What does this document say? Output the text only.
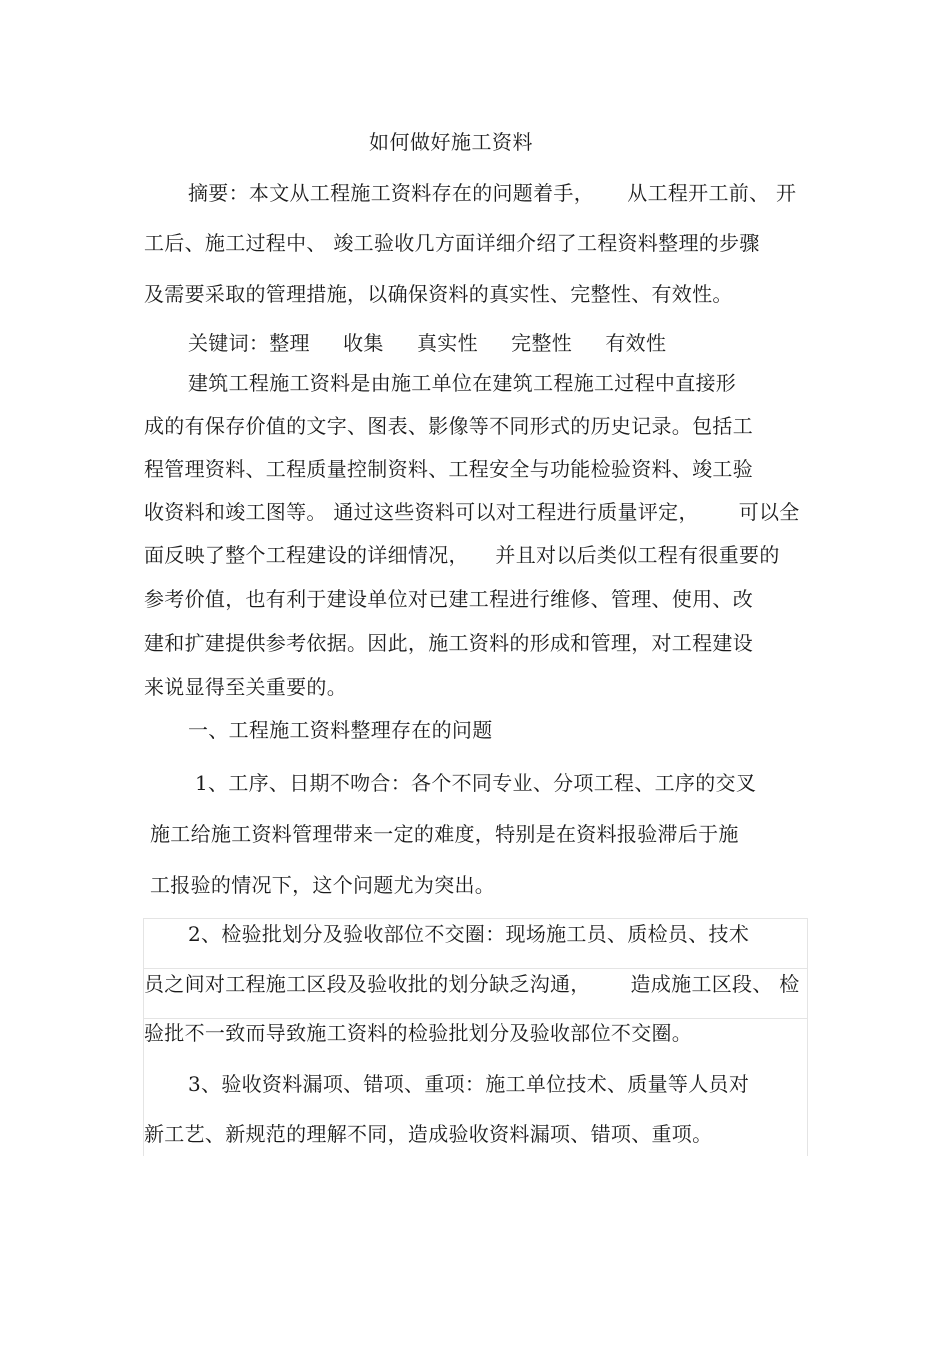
如何做好施工资料
摘要：本文从工程施工资料存在的问题着手，     从工程开工前、 开
工后、施工过程中、 竣工验收几方面详细介绍了工程资料整理的步骤
及需要采取的管理措施，以确保资料的真实性、完整性、有效性。
关键词：整理     收集     真实性     完整性     有效性
建筑工程施工资料是由施工单位在建筑工程施工过程中直接形
成的有保存价值的文字、图表、影像等不同形式的历史记录。包括工
程管理资料、工程质量控制资料、工程安全与功能检验资料、竣工验
收资料和竣工图等。 通过这些资料可以对工程进行质量评定，      可以全
面反映了整个工程建设的详细情况，    并且对以后类似工程有很重要的
参考价值，也有利于建设单位对已建工程进行维修、管理、使用、改
建和扩建提供参考依据。因此，施工资料的形成和管理，对工程建设
来说显得至关重要的。
一、工程施工资料整理存在的问题
1、工序、日期不吻合：各个不同专业、分项工程、工序的交叉
施工给施工资料管理带来一定的难度，特别是在资料报验滞后于施
工报验的情况下，这个问题尤为突出。
2、检验批划分及验收部位不交圈：现场施工员、质检员、技术
员之间对工程施工区段及验收批的划分缺乏沟通，      造成施工区段、 检
验批不一致而导致施工资料的检验批划分及验收部位不交圈。
3、验收资料漏项、错项、重项：施工单位技术、质量等人员对
新工艺、新规范的理解不同，造成验收资料漏项、错项、重项。
